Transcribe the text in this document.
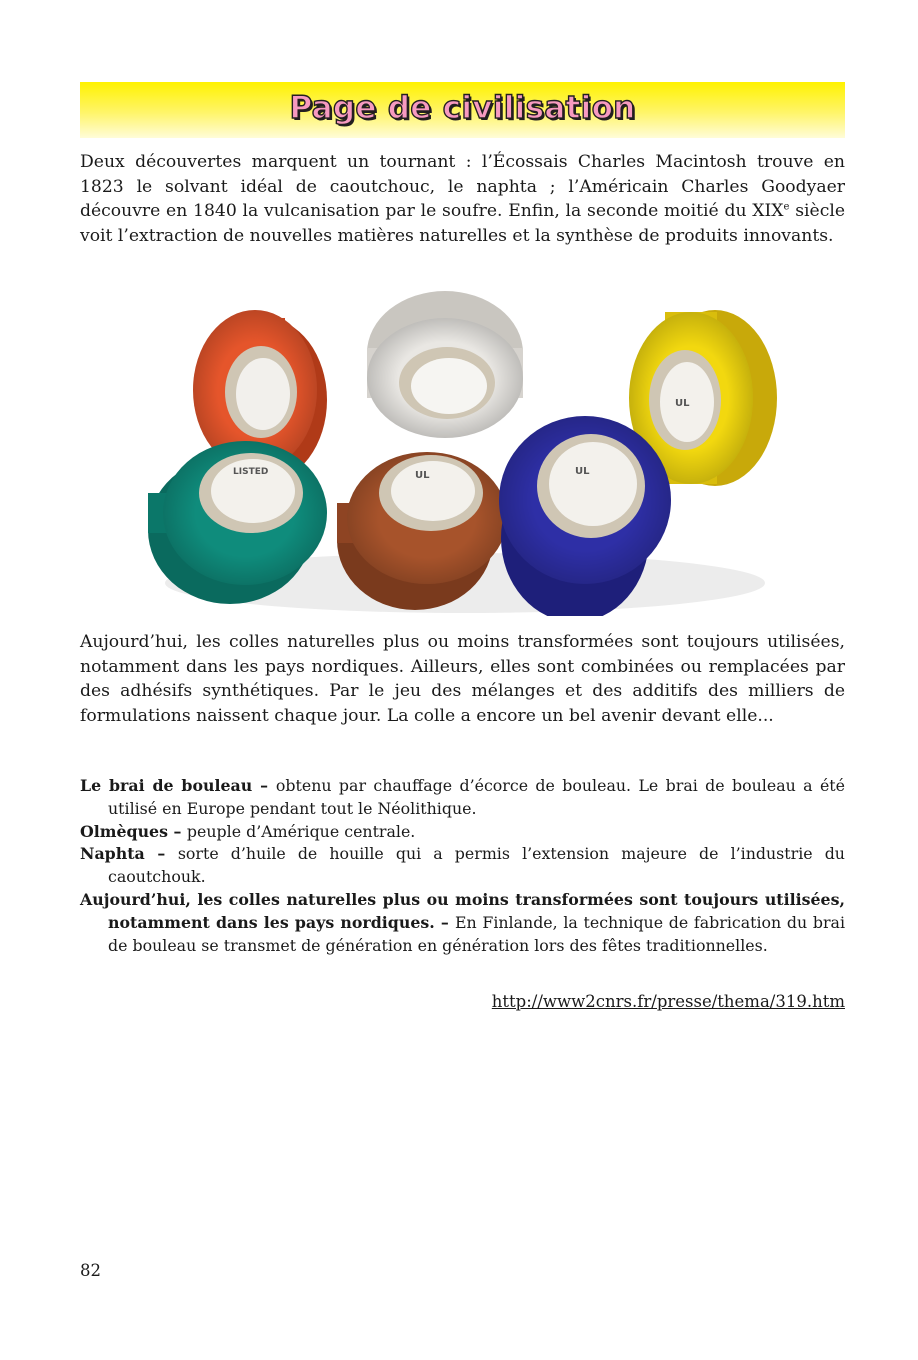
Page de civilisation

Deux découvertes marquent un tournant : l’Écossais Charles Macintosh trouve en 1823 le solvant idéal de caoutchouc, le naphta ; l’Américain Charles Goodyaer découvre en 1840 la vulcanisation par le soufre. Enfin, la seconde moitié du XIXe siècle voit l’extraction de nouvelles matières naturelles et la synthèse de produits innovants.

UL
LISTED	UL	UL

Aujourd’hui, les colles naturelles plus ou moins transformées sont toujours utilisées, notamment dans les pays nordiques. Ailleurs, elles sont combinées ou remplacées par des adhésifs synthétiques. Par le jeu des mélanges et des additifs des milliers de formulations naissent chaque jour. La colle a encore un bel avenir devant elle...

Le brai de bouleau – obtenu par chauffage d’écorce de bouleau. Le brai de bouleau a été utilisé en Europe pendant tout le Néolithique.

Olmèques – peuple d’Amérique centrale.

Naphta – sorte d’huile de houille qui a permis l’extension majeure de l’industrie du caoutchouk.

Aujourd’hui, les colles naturelles plus ou moins transformées sont toujours utilisées, notamment dans les pays nordiques. – En Finlande, la technique de fabrication du brai de bouleau se transmet de génération en génération lors des fêtes traditionnelles.

http://www2cnrs.fr/presse/thema/319.htm
82
